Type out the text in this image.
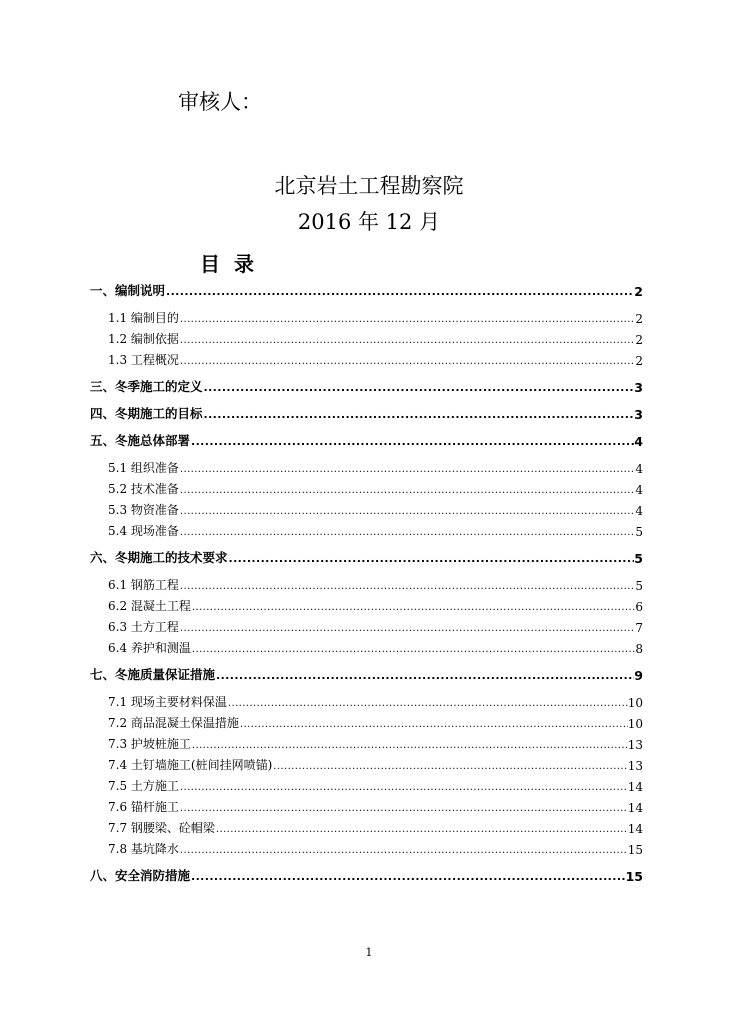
审核人：
北京岩土工程勘察院
2016 年 12 月
目录
一、编制说明 .....	2
1.1 编制目的 .....	2
1.2 编制依据 .....	2
1.3 工程概况 .....	2
三、冬季施工的定义 .....	3
四、冬期施工的目标 .....	3
五、冬施总体部署 .....	4
5.1 组织准备 .....	4
5.2 技术准备 .....	4
5.3 物资准备 .....	4
5.4 现场准备 .....	5
六、冬期施工的技术要求 .....	5
6.1 钢筋工程 .....	5
6.2 混凝土工程 .....	6
6.3 土方工程 .....	7
6.4 养护和测温 .....	8
七、冬施质量保证措施 .....	9
7.1 现场主要材料保温 .....	10
7.2 商品混凝土保温措施 .....	10
7.3 护坡桩施工 .....	13
7.4 土钉墙施工(桩间挂网喷锚) .....	13
7.5 土方施工 .....	14
7.6 锚杆施工 .....	14
7.7 钢腰梁、砼帽梁 .....	14
7.8 基坑降水 .....	15
八、安全消防措施 .....	15
1
